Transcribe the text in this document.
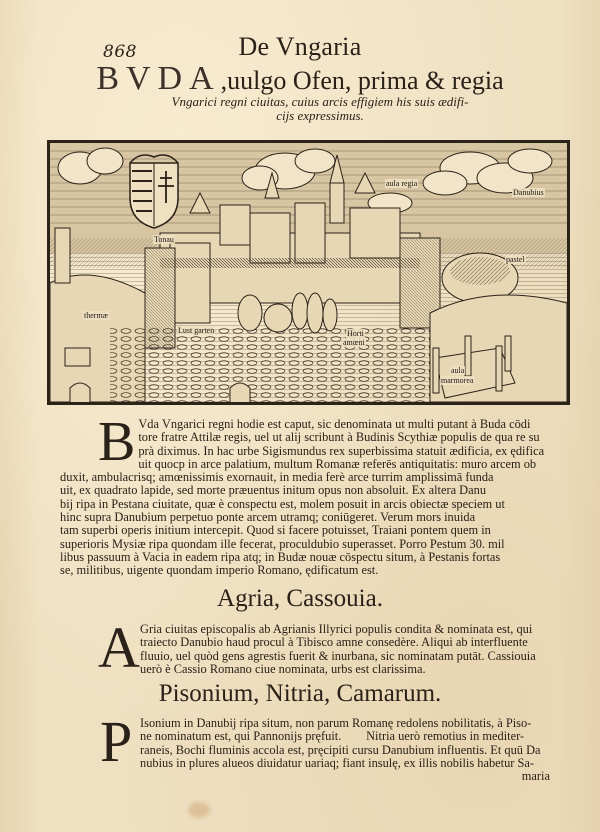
868	De Vngaria
BVDA,uulgo Ofen, prima & regia
Vngarici regni ciuitas, cuius arcis effigiem his suis ædifi-
cijs expressimus.
Tonau
aula regia
Danubius
pastel
thermæ
Lust garten	Horti
amœni
aula
marmorea
B Vda Vngarici regni hodie est caput, sic denominata ut multi putant à Buda cōdi
tore fratre Attilæ regis, uel ut alij scribunt à Budinis Scythiæ populis de qua re su
prà diximus. In hac urbe Sigismundus rex superbissima statuit ædificia, ex ędifica
uit quocp in arce palatium, multum Romanæ referēs antiquitatis: muro arcem ob
duxit, ambulacrisq; amœnissimis exornauit, in media ferè arce turrim amplissimā funda
uit, ex quadrato lapide, sed morte præuentus initum opus non absoluit. Ex altera Danu
bij ripa in Pestana ciuitate, quæ è conspectu est, molem posuit in arcis obiectæ speciem ut
hinc supra Danubium perpetuo ponte arcem utramq; coniūgeret. Verum mors inuida
tam superbi operis initium intercepit. Quod si facere potuisset, Traiani pontem quem in
superioris Mysiæ ripa quondam ille fecerat, proculdubio superasset. Porro Pestum 30. mil
libus passuum à Vacia in eadem ripa atq; in Budæ nouæ cōspectu situm, à Pestanis fortas
se, militibus, uigente quondam imperio Romano, ędificatum est.
Agria, Cassouia.
A Gria ciuitas episcopalis ab Agrianis Illyrici populis condita & nominata est, qui
traiecto Danubio haud procul à Tibisco amne consedère. Aliqui ab interfluente
fluuio, uel quòd gens agrestis fuerit & inurbana, sic nominatam putāt. Cassiouia
uerò è Cassio Romano ciue nominata, urbs est clarissima.
Pisonium, Nitria, Camarum.
P Isonium in Danubij ripa situm, non parum Romanę redolens nobilitatis, à Piso-
ne nominatum est, qui Pannonijs pręfuit.        Nitria uerò remotius in mediter-
raneis, Bochi fluminis accola est, pręcipiti cursu Danubium influentis. Et quū Da
nubius in plures alueos diuidatur uariaq; fiant insulę, ex illis nobilis habetur Sa-
maria
